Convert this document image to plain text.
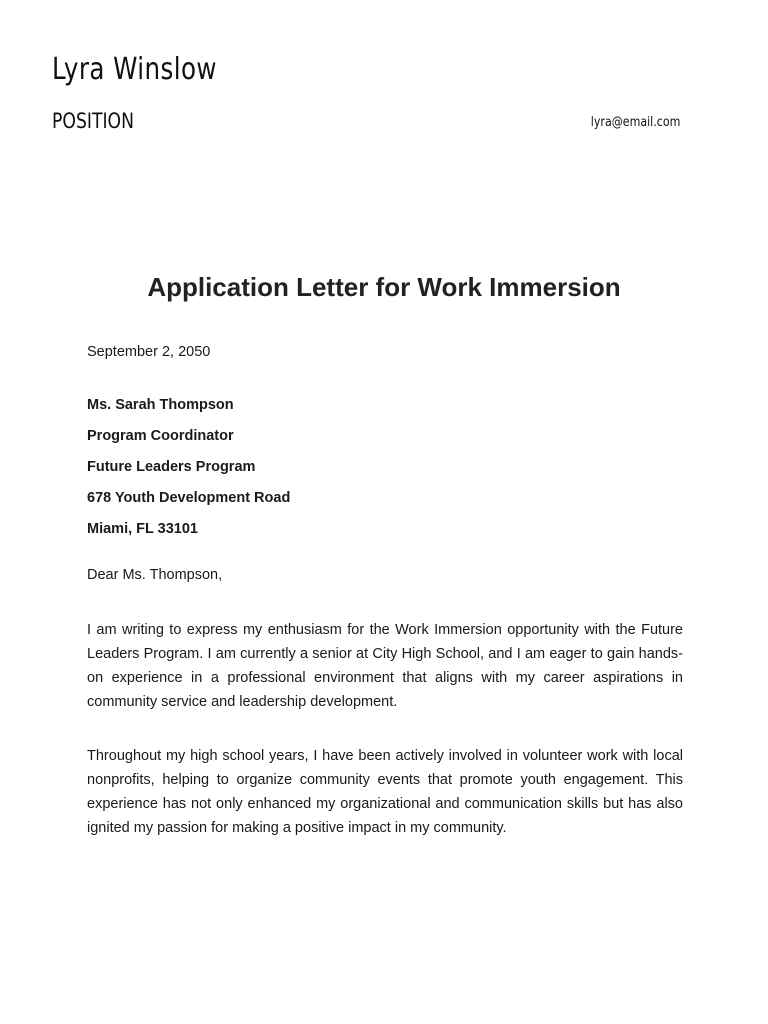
Lyra Winslow
POSITION	lyra@email.com
Application Letter for Work Immersion
September 2, 2050
Ms. Sarah Thompson
Program Coordinator
Future Leaders Program
678 Youth Development Road
Miami, FL 33101
Dear Ms. Thompson,

I am writing to express my enthusiasm for the Work Immersion opportunity with the Future Leaders Program. I am currently a senior at City High School, and I am eager to gain hands-on experience in a professional environment that aligns with my career aspirations in community service and leadership development.

Throughout my high school years, I have been actively involved in volunteer work with local nonprofits, helping to organize community events that promote youth engagement. This experience has not only enhanced my organizational and communication skills but has also ignited my passion for making a positive impact in my community.
